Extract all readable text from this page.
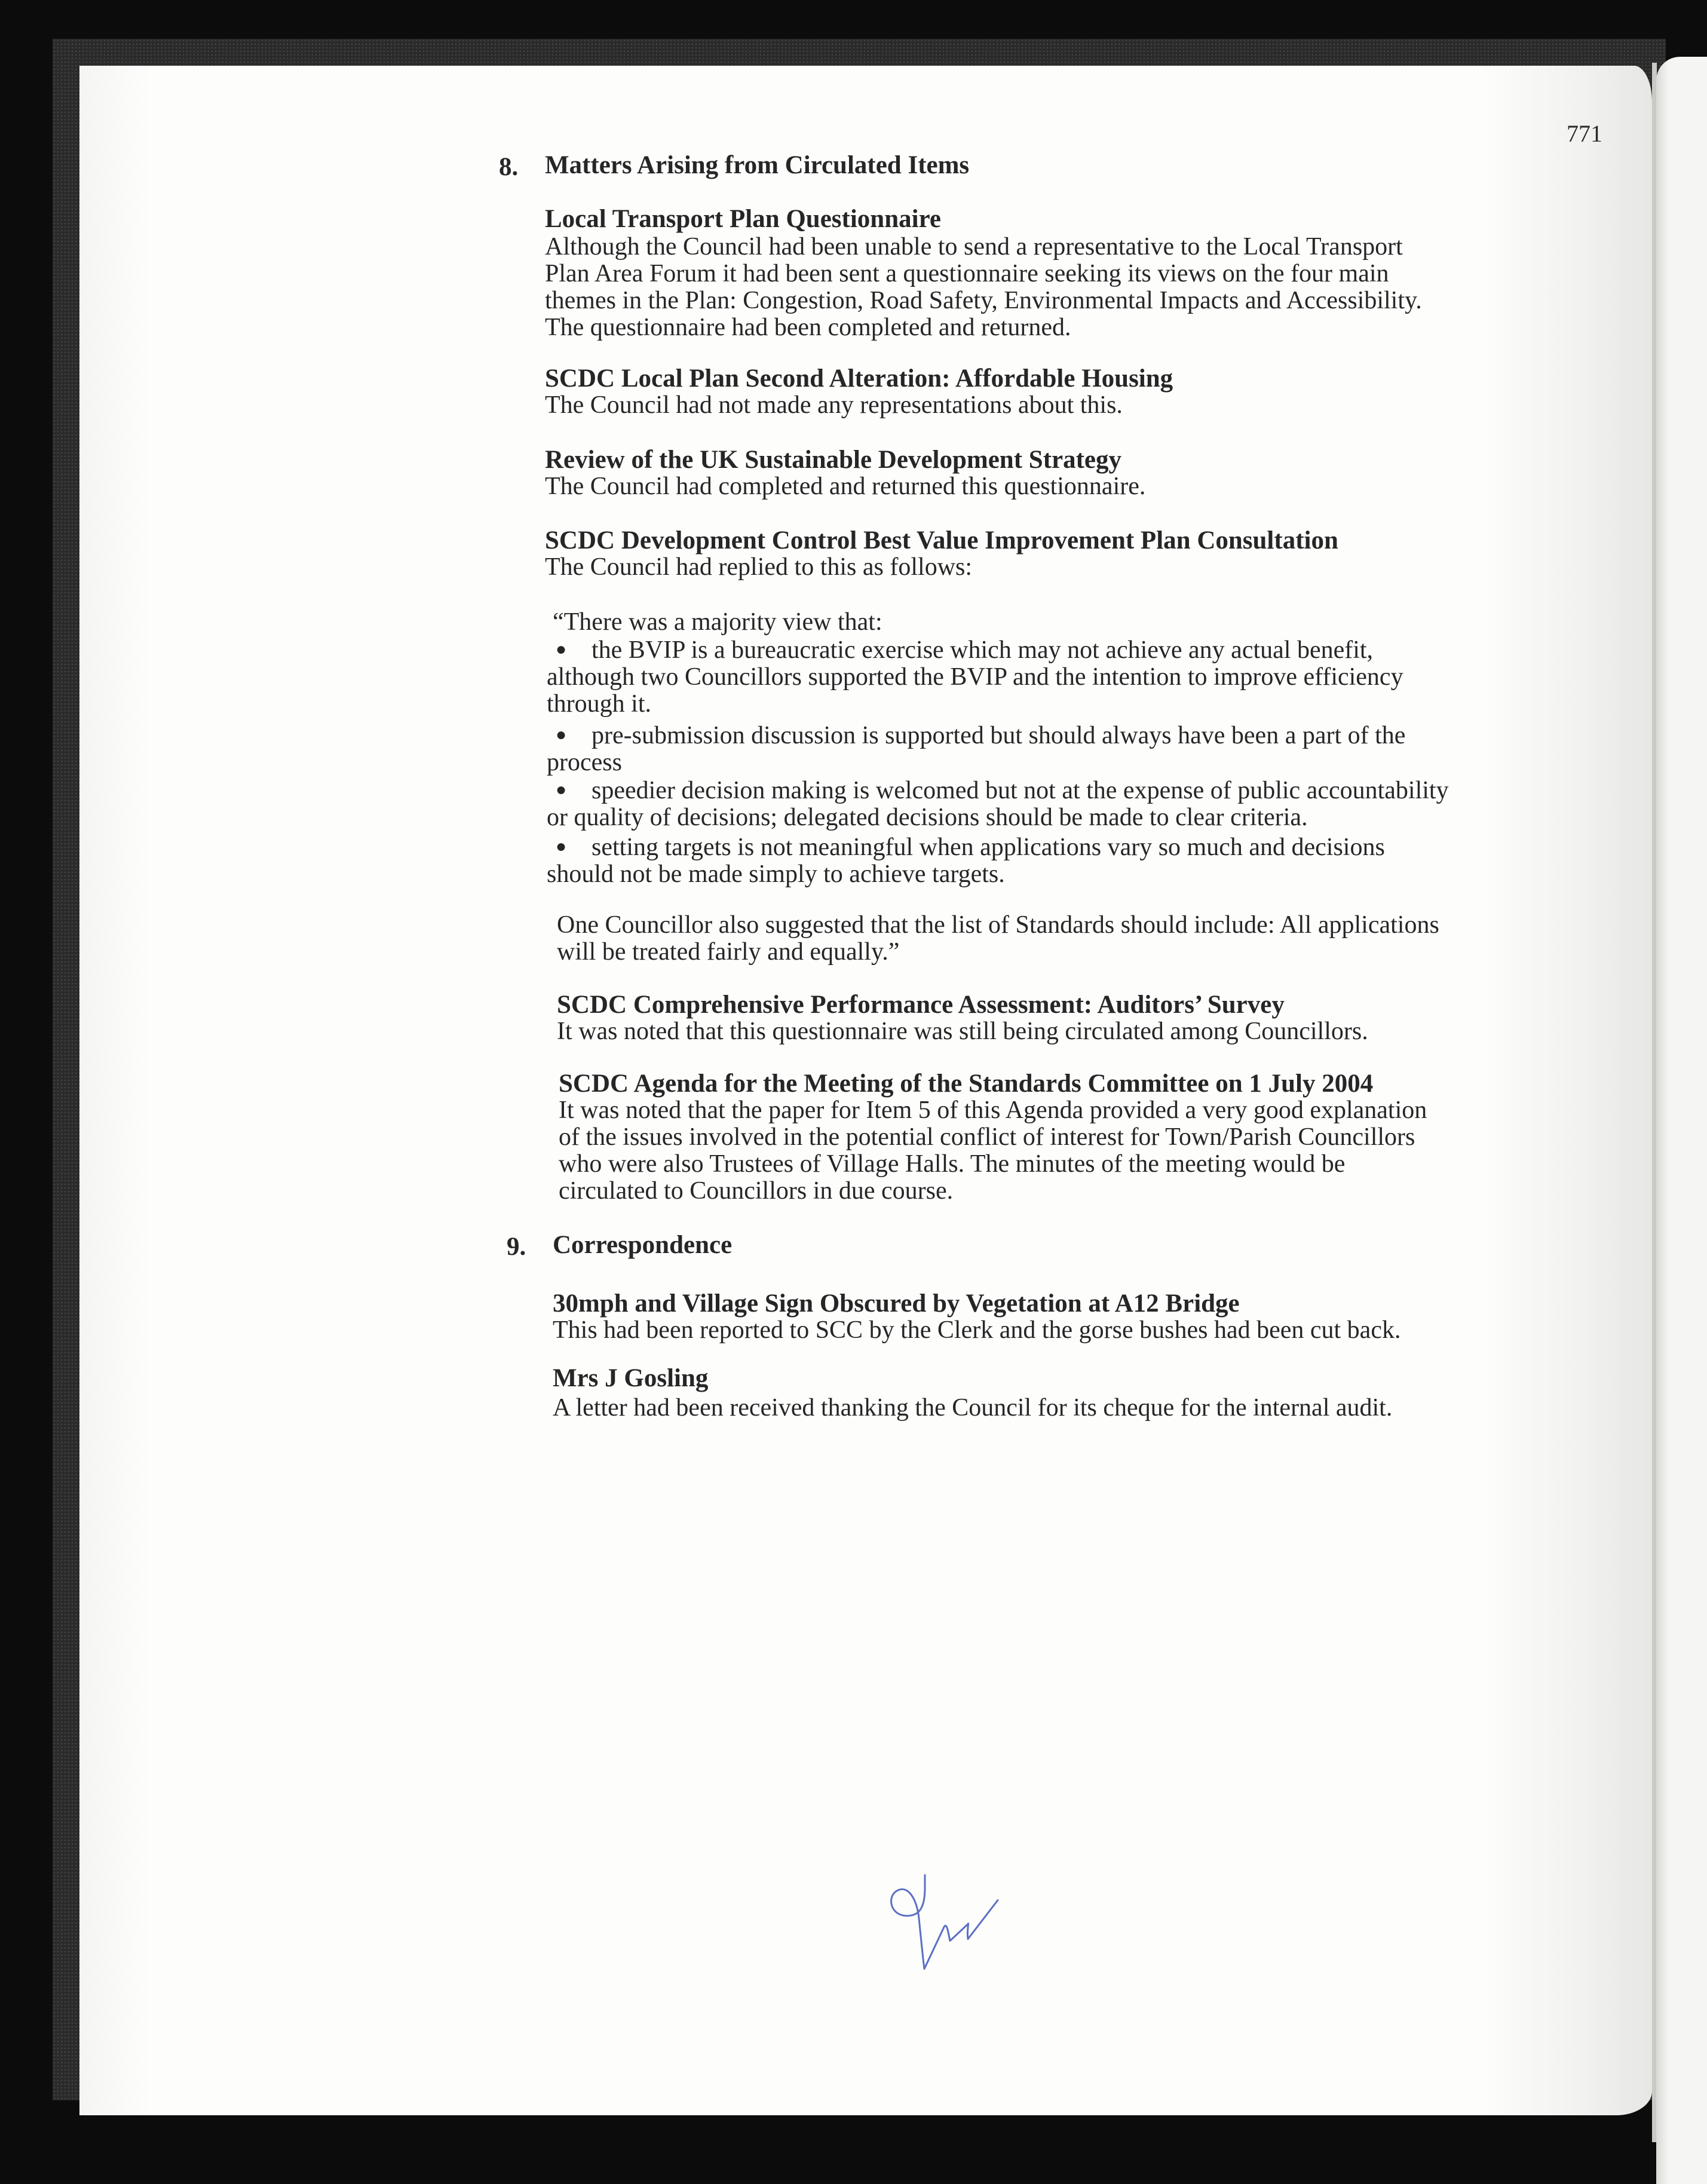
771
8. Matters Arising from Circulated Items
Local Transport Plan Questionnaire
Although the Council had been unable to send a representative to the Local Transport
Plan Area Forum it had been sent a questionnaire seeking its views on the four main
themes in the Plan: Congestion, Road Safety, Environmental Impacts and Accessibility.
The questionnaire had been completed and returned.
SCDC Local Plan Second Alteration: Affordable Housing
The Council had not made any representations about this.
Review of the UK Sustainable Development Strategy
The Council had completed and returned this questionnaire.
SCDC Development Control Best Value Improvement Plan Consultation
The Council had replied to this as follows:
“There was a majority view that:
● the BVIP is a bureaucratic exercise which may not achieve any actual benefit,
although two Councillors supported the BVIP and the intention to improve efficiency
through it.
● pre-submission discussion is supported but should always have been a part of the
process
● speedier decision making is welcomed but not at the expense of public accountability
or quality of decisions; delegated decisions should be made to clear criteria.
● setting targets is not meaningful when applications vary so much and decisions
should not be made simply to achieve targets.
One Councillor also suggested that the list of Standards should include: All applications
will be treated fairly and equally.”
SCDC Comprehensive Performance Assessment: Auditors’ Survey
It was noted that this questionnaire was still being circulated among Councillors.
SCDC Agenda for the Meeting of the Standards Committee on 1 July 2004
It was noted that the paper for Item 5 of this Agenda provided a very good explanation
of the issues involved in the potential conflict of interest for Town/Parish Councillors
who were also Trustees of Village Halls. The minutes of the meeting would be
circulated to Councillors in due course.
9. Correspondence
30mph and Village Sign Obscured by Vegetation at A12 Bridge
This had been reported to SCC by the Clerk and the gorse bushes had been cut back.
Mrs J Gosling
A letter had been received thanking the Council for its cheque for the internal audit.
